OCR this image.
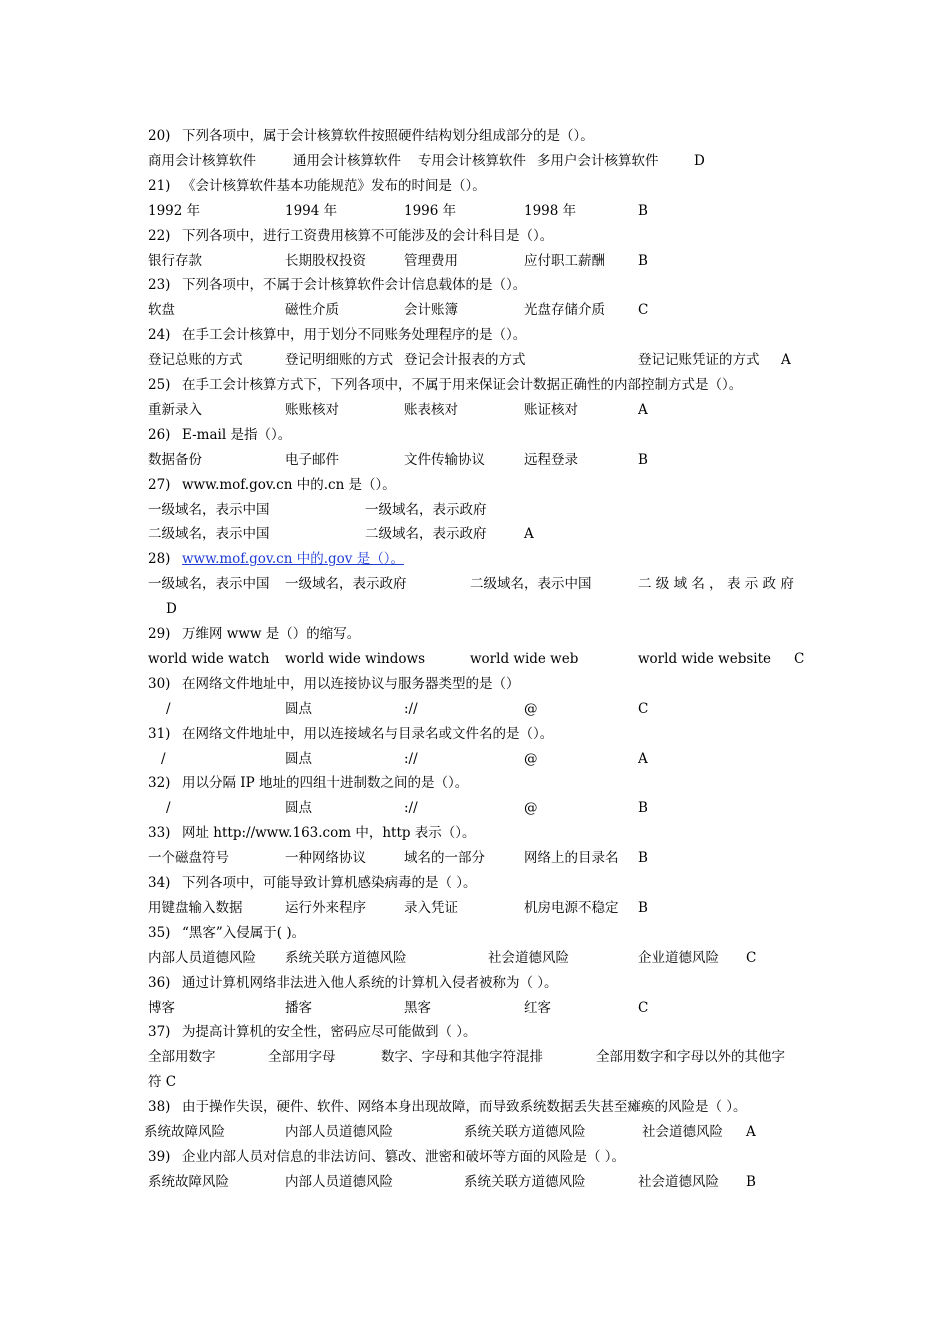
20) 下列各项中，属于会计核算软件按照硬件结构划分组成部分的是（）。
商用会计核算软件	通用会计核算软件 专用会计核算软件 多用户会计核算软件	D
21) 《会计核算软件基本功能规范》发布的时间是（）。
1992 年	1994 年	1996 年	1998 年	B
22) 下列各项中，进行工资费用核算不可能涉及的会计科目是（）。
银行存款	长期股权投资	管理费用	应付职工薪酬 B
23) 下列各项中，不属于会计核算软件会计信息载体的是（）。
软盘	磁性介质	会计账簿	光盘存储介质 C
24) 在手工会计核算中，用于划分不同账务处理程序的是（）。
登记总账的方式	登记明细账的方式 登记会计报表的方式	登记记账凭证的方式 A
25) 在手工会计核算方式下，下列各项中，不属于用来保证会计数据正确性的内部控制方式是（）。
重新录入	账账核对	账表核对	账证核对	A
26) E-mail 是指（）。
数据备份	电子邮件	文件传输协议	远程登录	B
27) www.mof.gov.cn 中的.cn 是（）。
一级域名，表示中国	一级域名，表示政府
二级域名，表示中国	二级域名，表示政府	A
28) www.mof.gov.cn 中的.gov 是（）。
一级域名，表示中国 一级域名，表示政府	二级域名，表示中国	二 级 域 名 ， 表 示 政 府
D
29) 万维网 www 是（）的缩写。
world wide watch world wide windows	world wide web	world wide website C
30) 在网络文件地址中，用以连接协议与服务器类型的是（）
/	圆点	://	@	C
31) 在网络文件地址中，用以连接域名与目录名或文件名的是（）。
/	圆点	://	@	A
32) 用以分隔 IP 地址的四组十进制数之间的是（）。
/	圆点	://	@	B
33) 网址 http://www.163.com 中，http 表示（）。
一个磁盘符号	一种网络协议	域名的一部分	网络上的目录名 B
34) 下列各项中，可能导致计算机感染病毒的是（ ）。
用键盘输入数据	运行外来程序	录入凭证	机房电源不稳定 B
35) “黑客”入侵属于( )。
内部人员道德风险 系统关联方道德风险	社会道德风险	企业道德风险 C
36) 通过计算机网络非法进入他人系统的计算机入侵者被称为（ ）。
博客	播客	黑客	红客	C
37) 为提高计算机的安全性，密码应尽可能做到（ ）。
全部用数字	全部用字母	数字、字母和其他字符混排	全部用数字和字母以外的其他字
符 C
38) 由于操作失误，硬件、软件、网络本身出现故障，而导致系统数据丢失甚至瘫痪的风险是（ ）。
系统故障风险	内部人员道德风险	系统关联方道德风险	社会道德风险 A
39) 企业内部人员对信息的非法访问、篡改、泄密和破坏等方面的风险是（ ）。
系统故障风险	内部人员道德风险	系统关联方道德风险	社会道德风险 B
